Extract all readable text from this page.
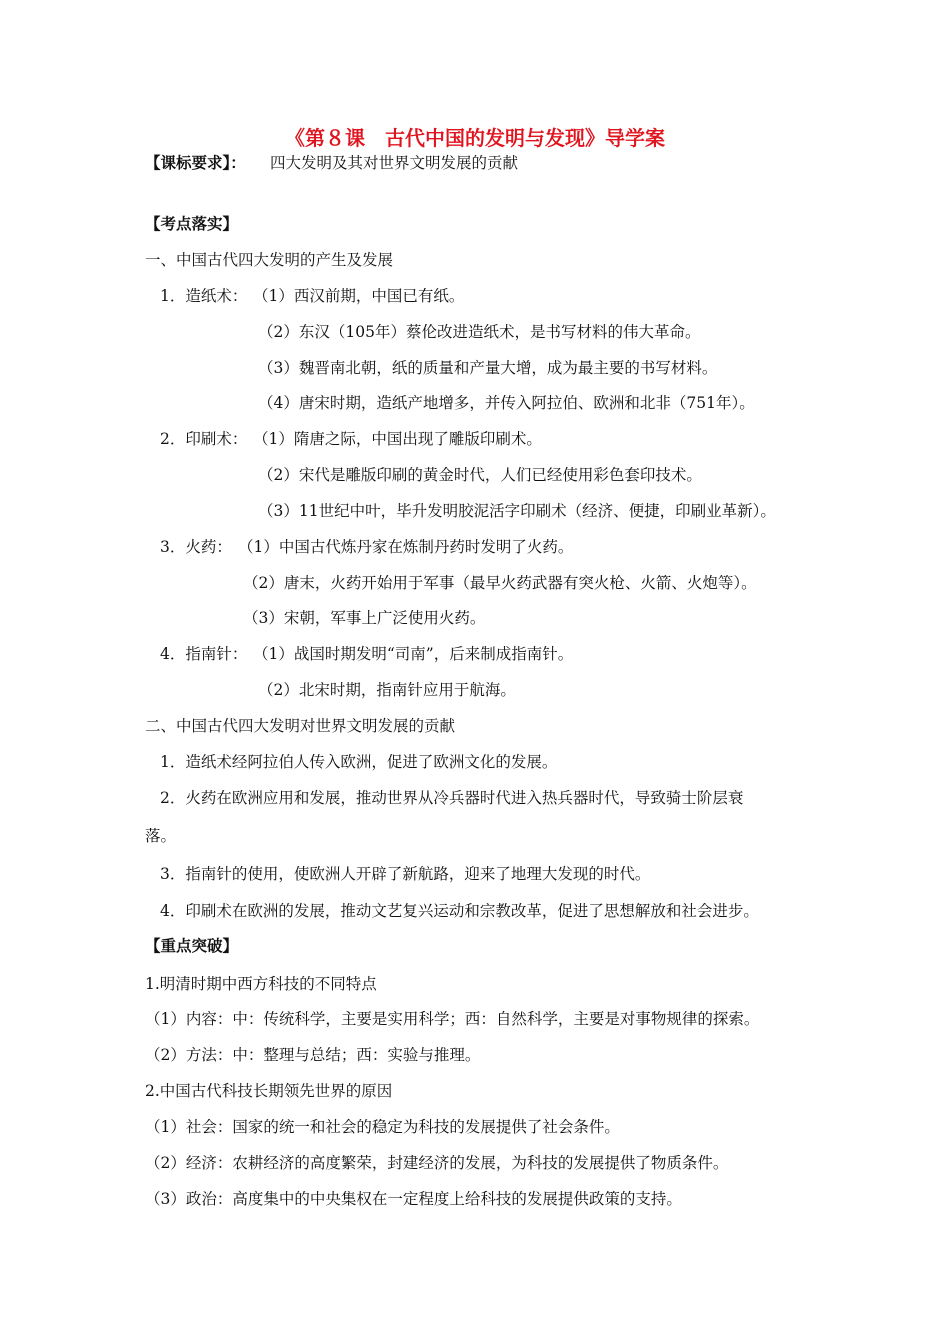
《第８课　古代中国的发明与发现》导学案
【课标要求】： 四大发明及其对世界文明发展的贡献
【考点落实】
一、中国古代四大发明的产生及发展
1．造纸术： （1）西汉前期，中国已有纸。
（2）东汉（105年）蔡伦改进造纸术，是书写材料的伟大革命。
（3）魏晋南北朝，纸的质量和产量大增，成为最主要的书写材料。
（4）唐宋时期，造纸产地增多，并传入阿拉伯、欧洲和北非（751年）。
2．印刷术： （1）隋唐之际，中国出现了雕版印刷术。
（2）宋代是雕版印刷的黄金时代，人们已经使用彩色套印技术。
（3）11世纪中叶，毕升发明胶泥活字印刷术（经济、便捷，印刷业革新）。
3．火药： （1）中国古代炼丹家在炼制丹药时发明了火药。
（2）唐末，火药开始用于军事（最早火药武器有突火枪、火箭、火炮等）。
（3）宋朝，军事上广泛使用火药。
4．指南针： （1）战国时期发明“司南”，后来制成指南针。
（2）北宋时期，指南针应用于航海。
二、中国古代四大发明对世界文明发展的贡献
1．造纸术经阿拉伯人传入欧洲，促进了欧洲文化的发展。
2．火药在欧洲应用和发展，推动世界从冷兵器时代进入热兵器时代，导致骑士阶层衰
落。
3．指南针的使用，使欧洲人开辟了新航路，迎来了地理大发现的时代。
4．印刷术在欧洲的发展，推动文艺复兴运动和宗教改革，促进了思想解放和社会进步。
【重点突破】
1.明清时期中西方科技的不同特点
（1）内容：中：传统科学，主要是实用科学；西：自然科学，主要是对事物规律的探索。
（2）方法：中：整理与总结；西：实验与推理。
2.中国古代科技长期领先世界的原因
（1）社会：国家的统一和社会的稳定为科技的发展提供了社会条件。
（2）经济：农耕经济的高度繁荣，封建经济的发展，为科技的发展提供了物质条件。
（3）政治：高度集中的中央集权在一定程度上给科技的发展提供政策的支持。
